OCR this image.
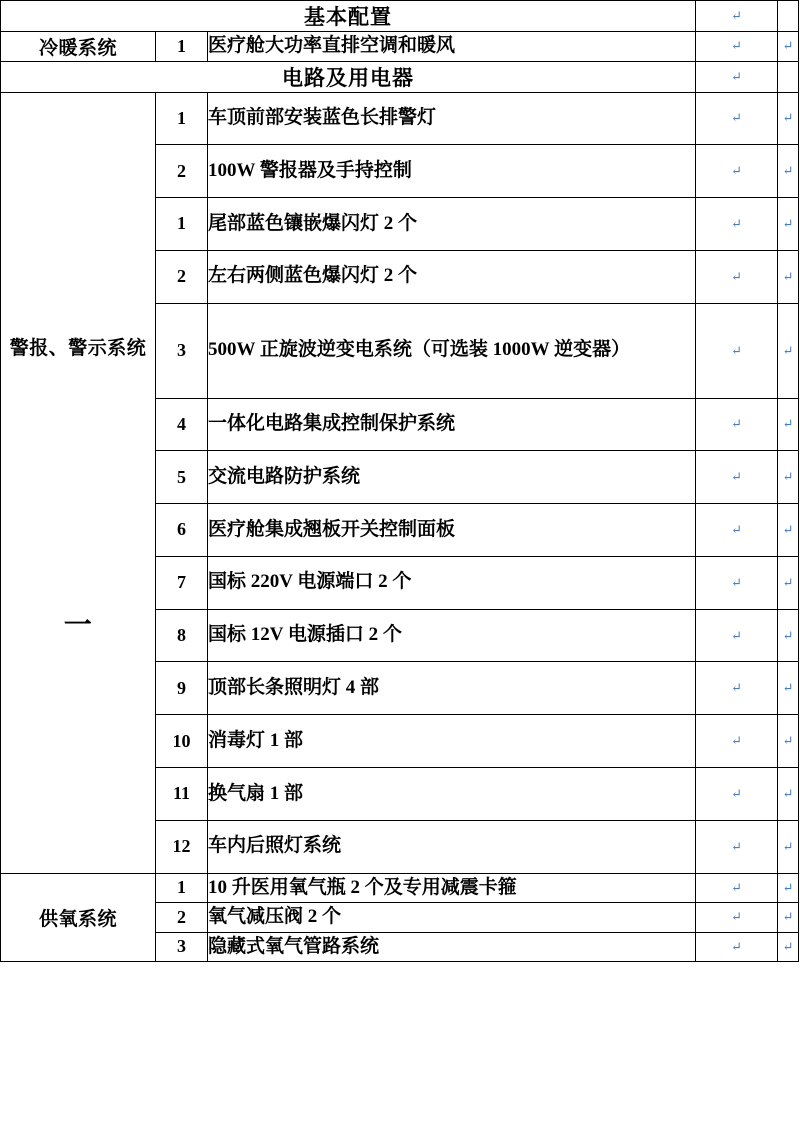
基本配置			↵	
冷暖系统	1	医疗舱大功率直排空调和暖风	↵	↵
电路及用电器			↵	

警报、警示系统
一	1	车顶前部安装蓝色长排警灯	↵	↵
	2	100W 警报器及手持控制	↵	↵
	1	尾部蓝色镶嵌爆闪灯 2 个	↵	↵
	2	左右两侧蓝色爆闪灯 2 个	↵	↵
	3	500W 正旋波逆变电系统（可选装 1000W 逆变器）	↵	↵
	4	一体化电路集成控制保护系统	↵	↵
	5	交流电路防护系统	↵	↵
	6	医疗舱集成翘板开关控制面板	↵	↵
	7	国标 220V 电源端口 2 个	↵	↵
	8	国标 12V 电源插口 2 个	↵	↵
	9	顶部长条照明灯 4 部	↵	↵
	10	消毒灯 1 部	↵	↵
	11	换气扇 1 部	↵	↵
	12	车内后照灯系统	↵	↵
供氧系统	1	10 升医用氧气瓶 2 个及专用减震卡箍	↵	↵
	2	氧气减压阀 2 个	↵	↵
	3	隐藏式氧气管路系统	↵	↵
